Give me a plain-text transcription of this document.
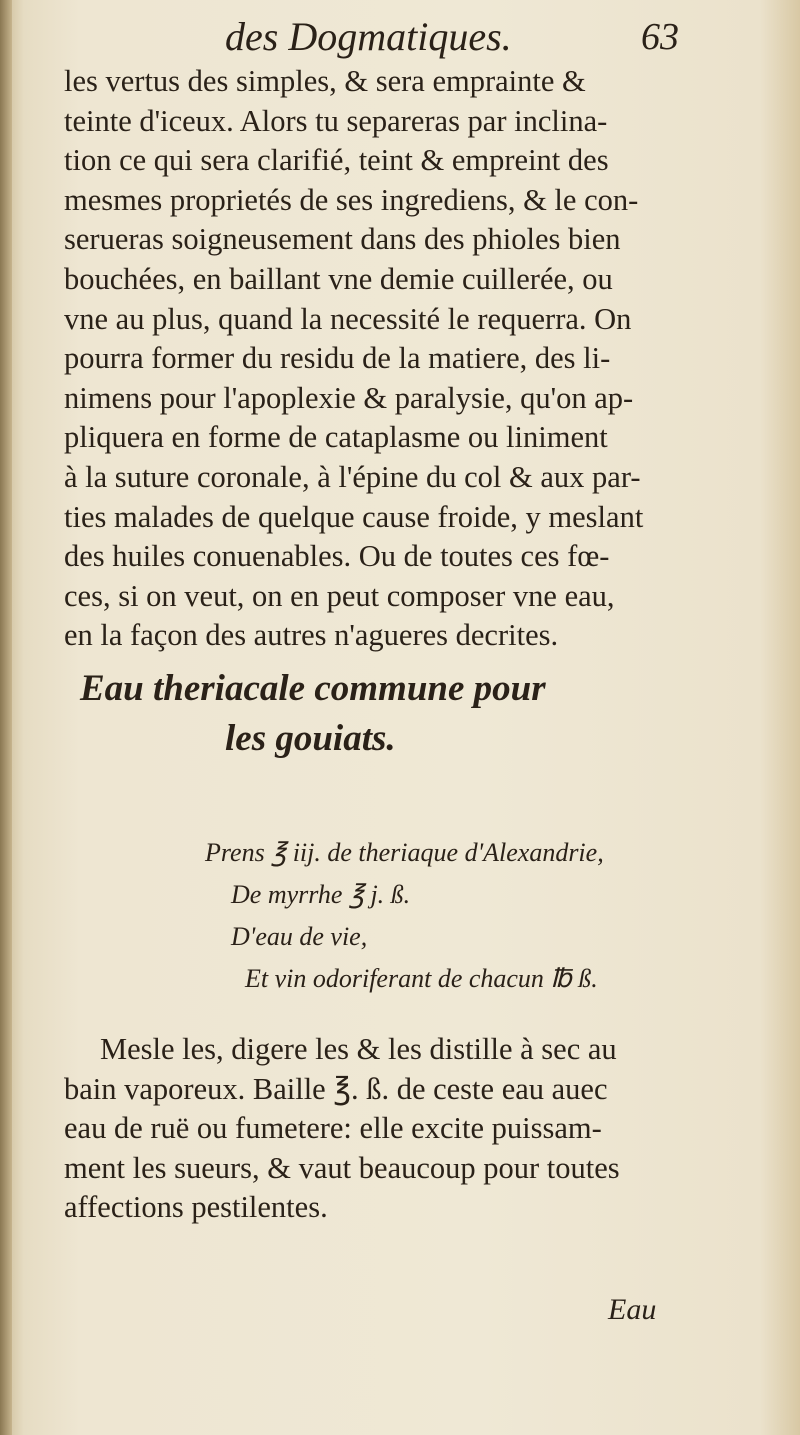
des Dogmatiques.	63
les vertus des simples, & sera emprainte &
teinte d'iceux. Alors tu separeras par inclina-
tion ce qui sera clarifié, teint & empreint des
mesmes proprietés de ses ingrediens, & le con-
serueras soigneusement dans des phioles bien
bouchées, en baillant vne demie cuillerée, ou
vne au plus, quand la necessité le requerra. On
pourra former du residu de la matiere, des li-
nimens pour l'apoplexie & paralysie, qu'on ap-
pliquera en forme de cataplasme ou liniment
à la suture coronale, à l'épine du col & aux par-
ties malades de quelque cause froide, y meslant
des huiles conuenables. Ou de toutes ces fœ-
ces, si on veut, on en peut composer vne eau,
en la façon des autres n'agueres decrites.
Eau theriacale commune pour
les gouiats.
Prens ℥ iij. de theriaque d'Alexandrie,
De myrrhe ℥ j. ß.
D'eau de vie,
Et vin odoriferant de chacun ℔ ß.
Mesle les, digere les & les distille à sec au
bain vaporeux. Baille ℥. ß. de ceste eau auec
eau de ruë ou fumetere: elle excite puissam-
ment les sueurs, & vaut beaucoup pour toutes
affections pestilentes.
Eau
